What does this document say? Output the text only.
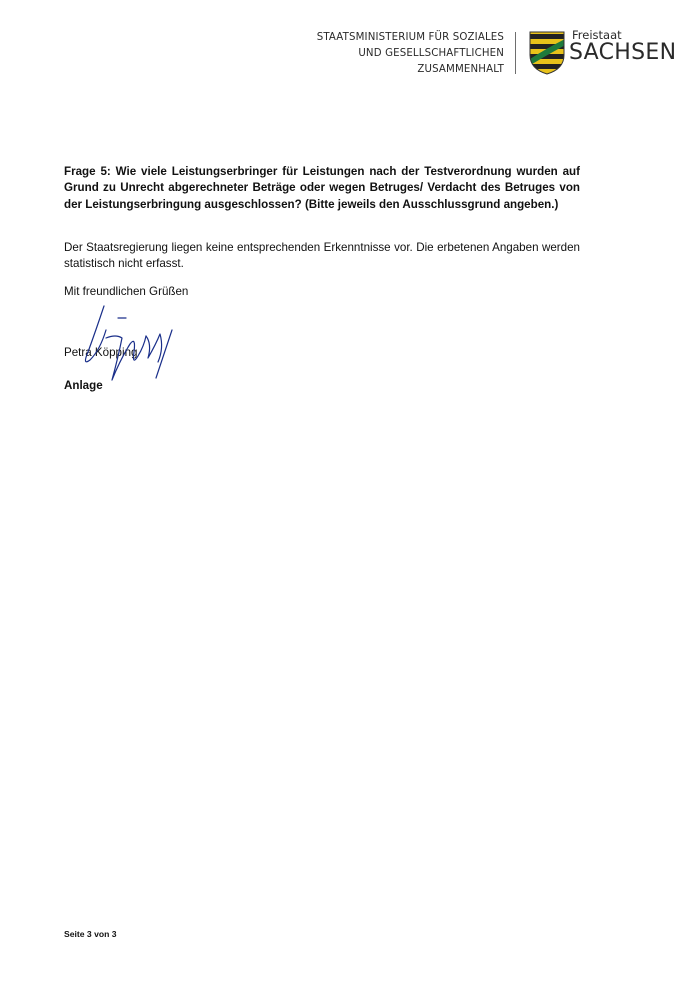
STAATSMINISTERIUM FÜR SOZIALES
UND GESELLSCHAFTLICHEN
ZUSAMMENHALT
Freistaat
SACHSEN

Frage 5: Wie viele Leistungserbringer für Leistungen nach der Testverordnung wurden auf Grund zu Unrecht abgerechneter Beträge oder wegen Betruges/ Verdacht des Betruges von der Leistungserbringung ausgeschlossen? (Bitte jeweils den Ausschlussgrund angeben.)

Der Staatsregierung liegen keine entsprechenden Erkenntnisse vor. Die erbetenen Angaben werden statistisch nicht erfasst.

Mit freundlichen Grüßen
Petra Köpping
Anlage
Seite 3 von 3
